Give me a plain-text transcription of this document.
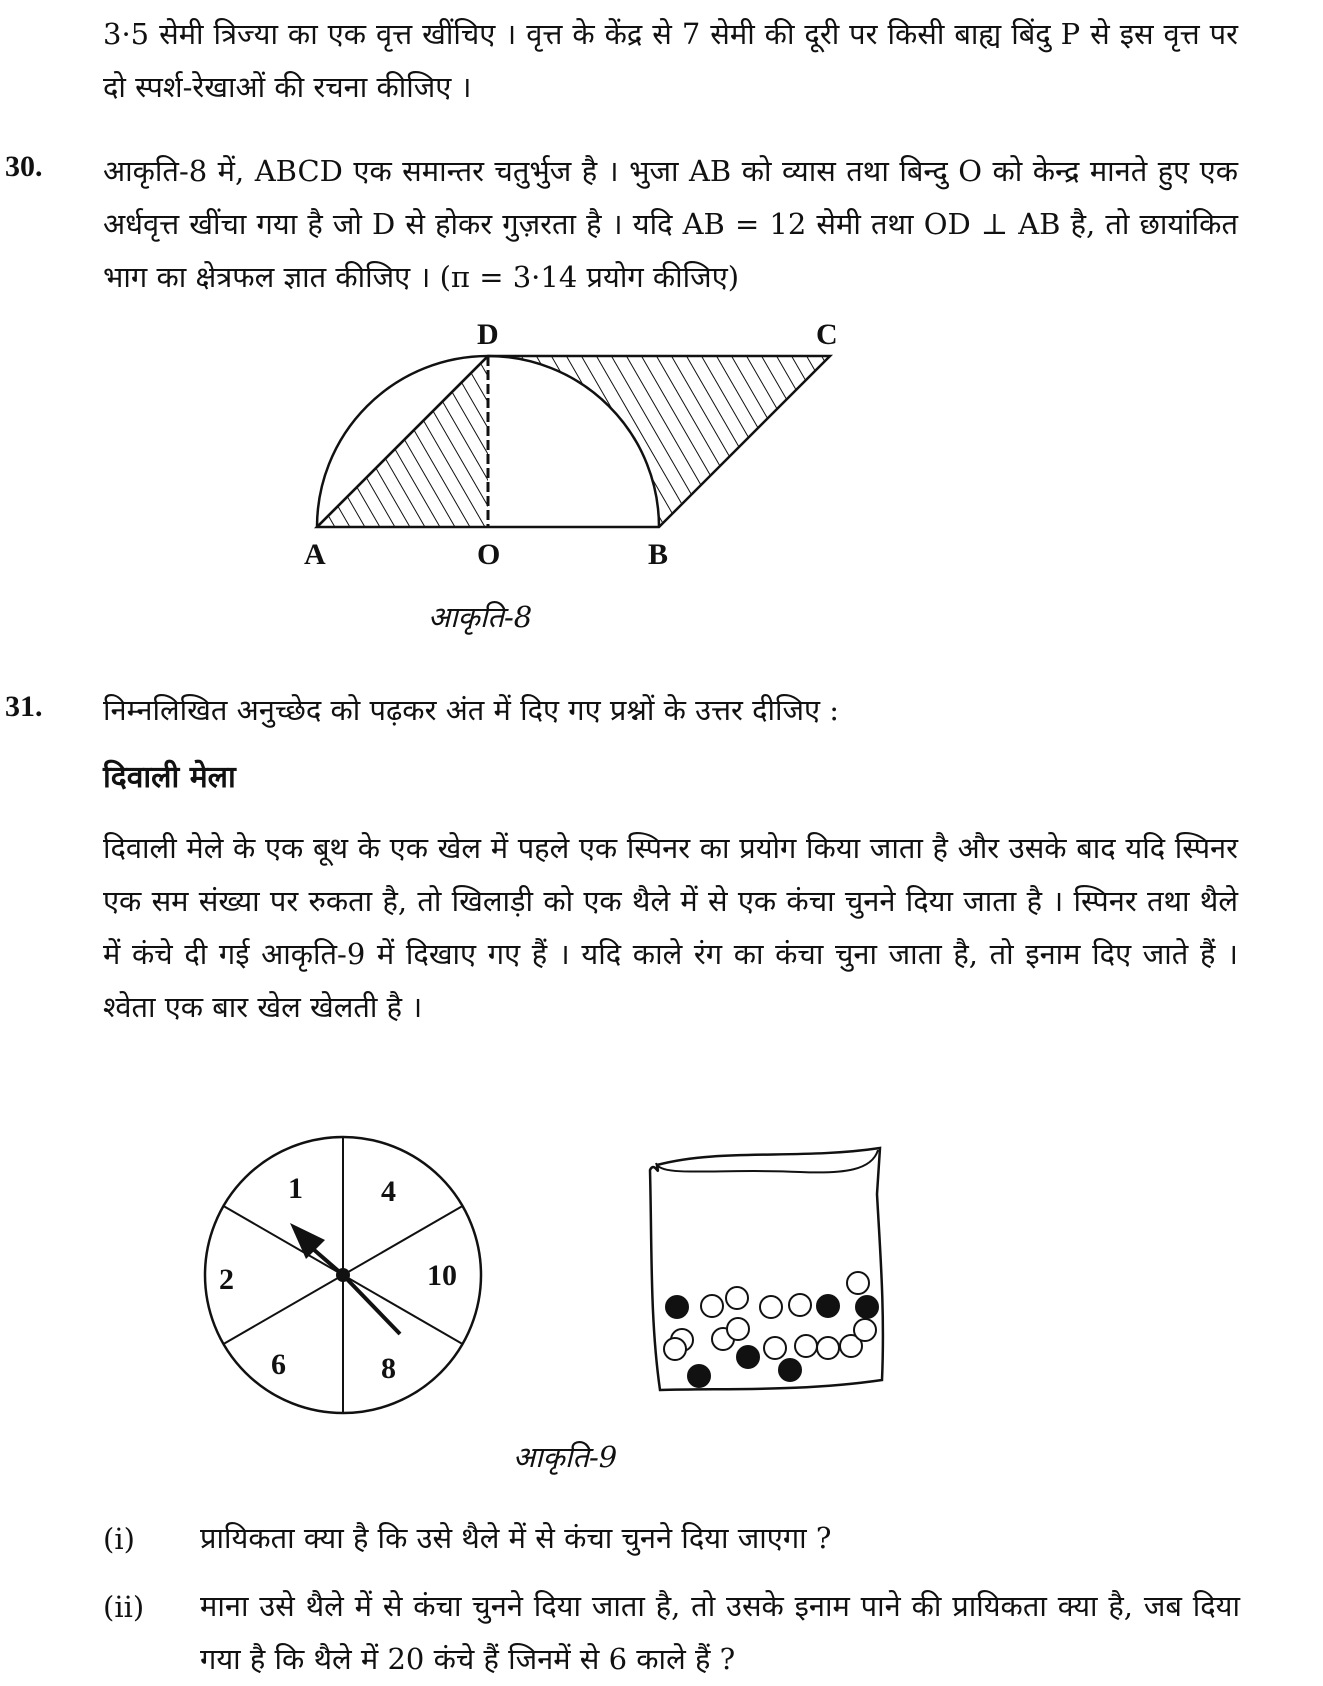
3·5 सेमी त्रिज्या का एक वृत्त खींचिए । वृत्त के केंद्र से 7 सेमी की दूरी पर किसी बाह्य बिंदु P से इस वृत्त पर दो स्पर्श-रेखाओं की रचना कीजिए ।
30. आकृति-8 में, ABCD एक समान्तर चतुर्भुज है । भुजा AB को व्यास तथा बिन्दु O को केन्द्र मानते हुए एक अर्धवृत्त खींचा गया है जो D से होकर गुज़रता है । यदि AB = 12 सेमी तथा OD ⊥ AB है, तो छायांकित भाग का क्षेत्रफल ज्ञात कीजिए । (π = 3·14 प्रयोग कीजिए)
D	C
A	O	B
आकृति-8
31. निम्नलिखित अनुच्छेद को पढ़कर अंत में दिए गए प्रश्नों के उत्तर दीजिए :
दिवाली मेला
दिवाली मेले के एक बूथ के एक खेल में पहले एक स्पिनर का प्रयोग किया जाता है और उसके बाद यदि स्पिनर एक सम संख्या पर रुकता है, तो खिलाड़ी को एक थैले में से एक कंचा चुनने दिया जाता है । स्पिनर तथा थैले में कंचे दी गई आकृति-9 में दिखाए गए हैं । यदि काले रंग का कंचा चुना जाता है, तो इनाम दिए जाते हैं । श्वेता एक बार खेल खेलती है ।
1	4
10
8
6
2
आकृति-9
(i) प्रायिकता क्या है कि उसे थैले में से कंचा चुनने दिया जाएगा ?
(ii) माना उसे थैले में से कंचा चुनने दिया जाता है, तो उसके इनाम पाने की प्रायिकता क्या है, जब दिया गया है कि थैले में 20 कंचे हैं जिनमें से 6 काले हैं ?
